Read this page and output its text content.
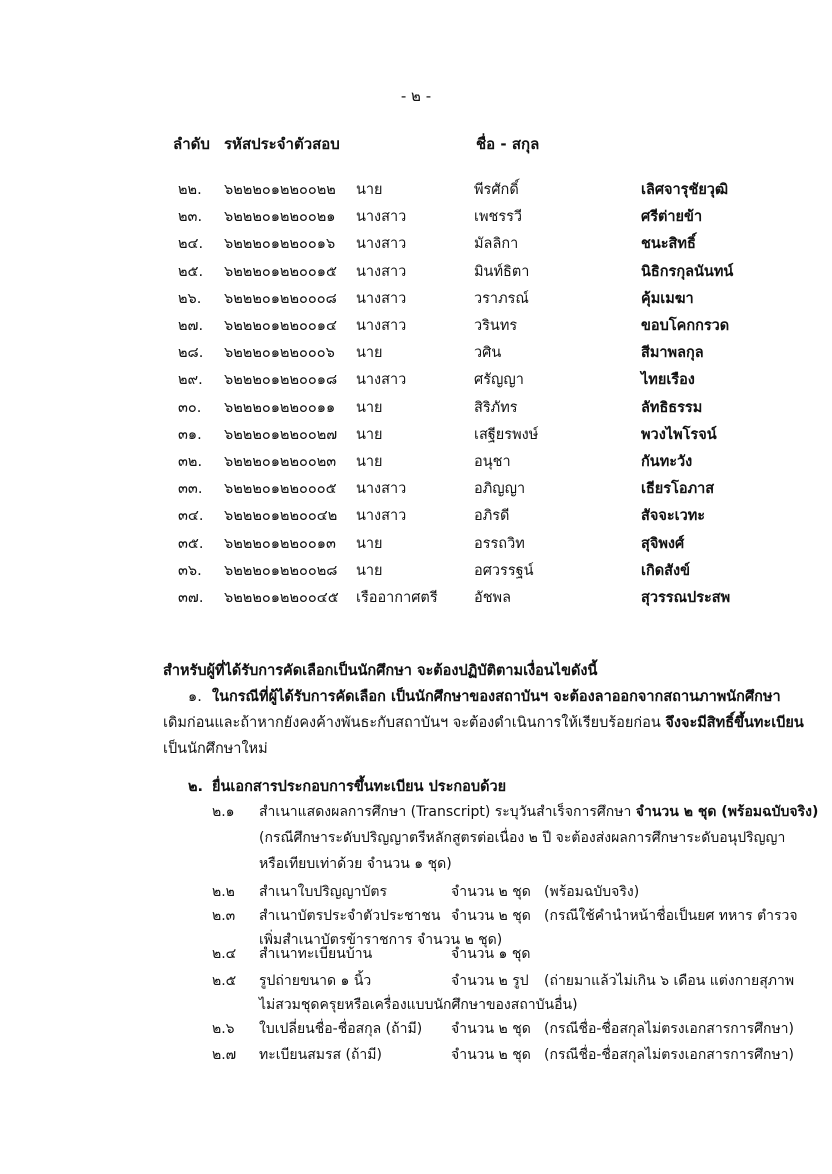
- ๒ -
ลำดับ รหัสประจำตัวสอบ	ชื่อ - สกุล
๒๒. ๖๒๒๒๐๑๒๒๐๐๒๒ นาย	พีรศักดิ์	เลิศจารุชัยวุฒิ
๒๓. ๖๒๒๒๐๑๒๒๐๐๒๑ นางสาว	เพชรรวี	ศรีต่ายข้า
๒๔. ๖๒๒๒๐๑๒๒๐๐๑๖ นางสาว	มัลลิกา	ชนะสิทธิ์
๒๕. ๖๒๒๒๐๑๒๒๐๐๑๕ นางสาว	มินท์ธิตา	นิธิกรกุลนันทน์
๒๖. ๖๒๒๒๐๑๒๒๐๐๐๘ นางสาว	วราภรณ์	คุ้มเมฆา
๒๗. ๖๒๒๒๐๑๒๒๐๐๑๔ นางสาว	วรินทร	ขอบโคกกรวด
๒๘. ๖๒๒๒๐๑๒๒๐๐๐๖ นาย	วศิน	สีมาพลกุล
๒๙. ๖๒๒๒๐๑๒๒๐๐๑๘ นางสาว	ศรัญญา	ไทยเรือง
๓๐. ๖๒๒๒๐๑๒๒๐๐๑๑ นาย	สิริภัทร	ลัทธิธรรม
๓๑. ๖๒๒๒๐๑๒๒๐๐๒๗ นาย	เสฐียรพงษ์	พวงไพโรจน์
๓๒. ๖๒๒๒๐๑๒๒๐๐๒๓ นาย	อนุชา	กันทะวัง
๓๓. ๖๒๒๒๐๑๒๒๐๐๐๕ นางสาว	อภิญญา	เธียรโอภาส
๓๔. ๖๒๒๒๐๑๒๒๐๐๔๒ นางสาว	อภิรดี	สัจจะเวทะ
๓๕. ๖๒๒๒๐๑๒๒๐๐๑๓ นาย	อรรถวิท	สุจิพงศ์
๓๖. ๖๒๒๒๐๑๒๒๐๐๒๘ นาย	อศวรรฐน์	เกิดสังข์
๓๗. ๖๒๒๒๐๑๒๒๐๐๔๕ เรืออากาศตรี	อัชพล	สุวรรณประสพ
สำหรับผู้ที่ได้รับการคัดเลือกเป็นนักศึกษา จะต้องปฏิบัติตามเงื่อนไขดังนี้
๑. ในกรณีที่ผู้ได้รับการคัดเลือก เป็นนักศึกษาของสถาบันฯ จะต้องลาออกจากสถานภาพนักศึกษา
เดิมก่อนและถ้าหากยังคงค้างพันธะกับสถาบันฯ จะต้องดำเนินการให้เรียบร้อยก่อน จึงจะมีสิทธิ์ขึ้นทะเบียน
เป็นนักศึกษาใหม่
๒. ยื่นเอกสารประกอบการขึ้นทะเบียน ประกอบด้วย
๒.๑ สำเนาแสดงผลการศึกษา (Transcript) ระบุวันสำเร็จการศึกษา จำนวน ๒ ชุด (พร้อมฉบับจริง)
(กรณีศึกษาระดับปริญญาตรีหลักสูตรต่อเนื่อง ๒ ปี จะต้องส่งผลการศึกษาระดับอนุปริญญา
หรือเทียบเท่าด้วย จำนวน ๑ ชุด)
๒.๒ สำเนาใบปริญญาบัตร	จำนวน ๒ ชุด (พร้อมฉบับจริง)
๒.๓ สำเนาบัตรประจำตัวประชาชน จำนวน ๒ ชุด (กรณีใช้คำนำหน้าชื่อเป็นยศ ทหาร ตำรวจ
เพิ่มสำเนาบัตรข้าราชการ จำนวน ๒ ชุด)
๒.๔ สำเนาทะเบียนบ้าน	จำนวน ๑ ชุด
๒.๕ รูปถ่ายขนาด ๑ นิ้ว	จำนวน ๒ รูป (ถ่ายมาแล้วไม่เกิน ๖ เดือน แต่งกายสุภาพ
ไม่สวมชุดครุยหรือเครื่องแบบนักศึกษาของสถาบันอื่น)
๒.๖ ใบเปลี่ยนชื่อ-ชื่อสกุล (ถ้ามี) จำนวน ๒ ชุด (กรณีชื่อ-ชื่อสกุลไม่ตรงเอกสารการศึกษา)
๒.๗ ทะเบียนสมรส (ถ้ามี)	จำนวน ๒ ชุด (กรณีชื่อ-ชื่อสกุลไม่ตรงเอกสารการศึกษา)
